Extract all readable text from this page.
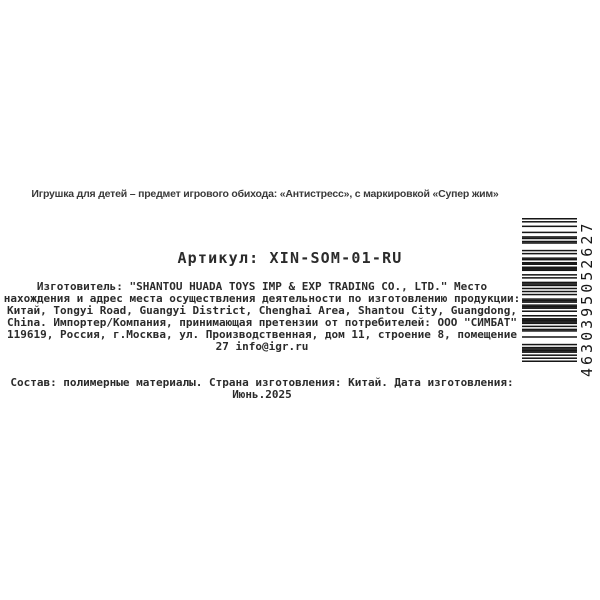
Игрушка для детей – предмет игрового обихода: «Антистресс», с маркировкой «Супер жим»
Артикул: XIN-SOM-01-RU
Изготовитель: "SHANTOU HUADA TOYS IMP & EXP TRADING CO., LTD." Место
нахождения и адрес места осуществления деятельности по изготовлению продукции:
Китай, Tongyi Road, Guangyi District, Chenghai Area, Shantou City, Guangdong,
China. Импортер/Компания, принимающая претензии от потребителей: ООО "СИМБАТ"
119619, Россия, г.Москва, ул. Производственная, дом 11, строение 8, помещение
27 info@igr.ru
Состав: полимерные материалы. Страна изготовления: Китай. Дата изготовления:
Июнь.2025
4630395052627
